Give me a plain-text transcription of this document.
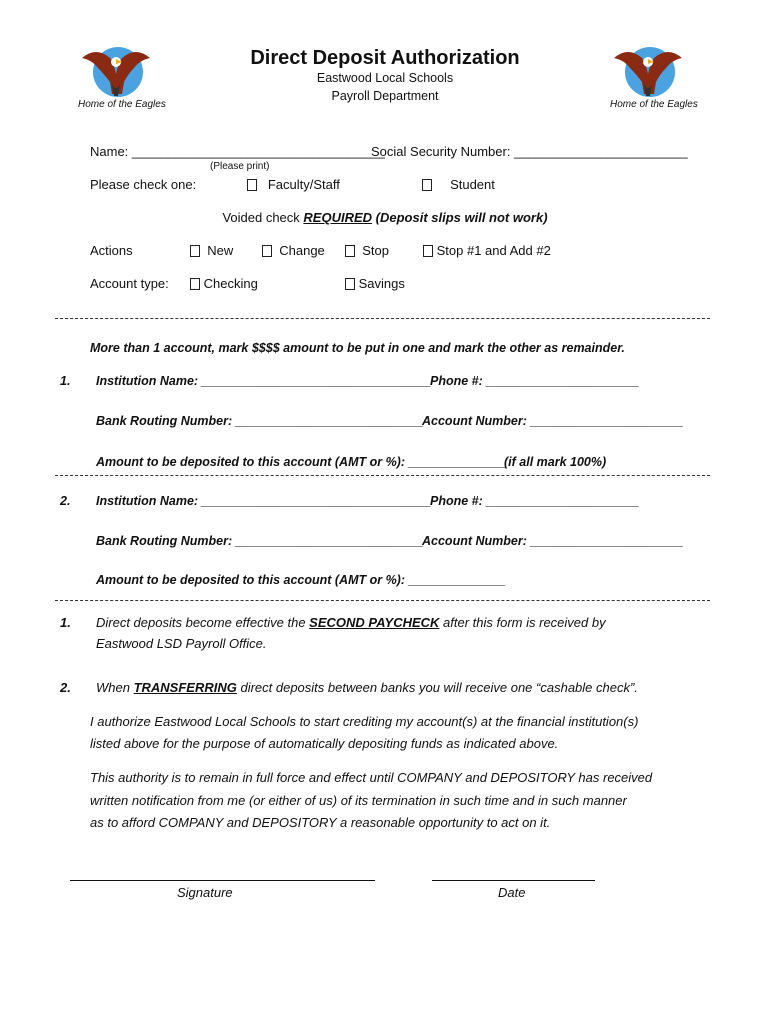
Home of the Eagles	Home of the Eagles
Direct Deposit Authorization
Eastwood Local Schools
Payroll Department
Name: ___________________________________
Social Security Number: ________________________
(Please print)
Please check one:	Faculty/Staff	Student
Voided check REQUIRED (Deposit slips will not work)
Actions	New	Change	Stop	Stop #1 and Add #2
Account type:	Checking	Savings
More than 1 account, mark $$$$ amount to be put in one and mark the other as remainder.
1. Institution Name: _________________________________ Phone #: ______________________
Bank Routing Number: ___________________________
Account Number: ______________________
Amount to be deposited to this account (AMT or %): ______________
(if all mark 100%)
2. Institution Name: _________________________________ Phone #: ______________________
Bank Routing Number: ___________________________
Account Number: ______________________
Amount to be deposited to this account (AMT or %): ______________
1. Direct deposits become effective the SECOND PAYCHECK after this form is received by
Eastwood LSD Payroll Office.
2. When TRANSFERRING direct deposits between banks you will receive one “cashable check”.
I authorize Eastwood Local Schools to start crediting my account(s) at the financial institution(s)
listed above for the purpose of automatically depositing funds as indicated above.
This authority is to remain in full force and effect until COMPANY and DEPOSITORY has received
written notification from me (or either of us) of its termination in such time and in such manner
as to afford COMPANY and DEPOSITORY a reasonable opportunity to act on it.
Signature	Date
